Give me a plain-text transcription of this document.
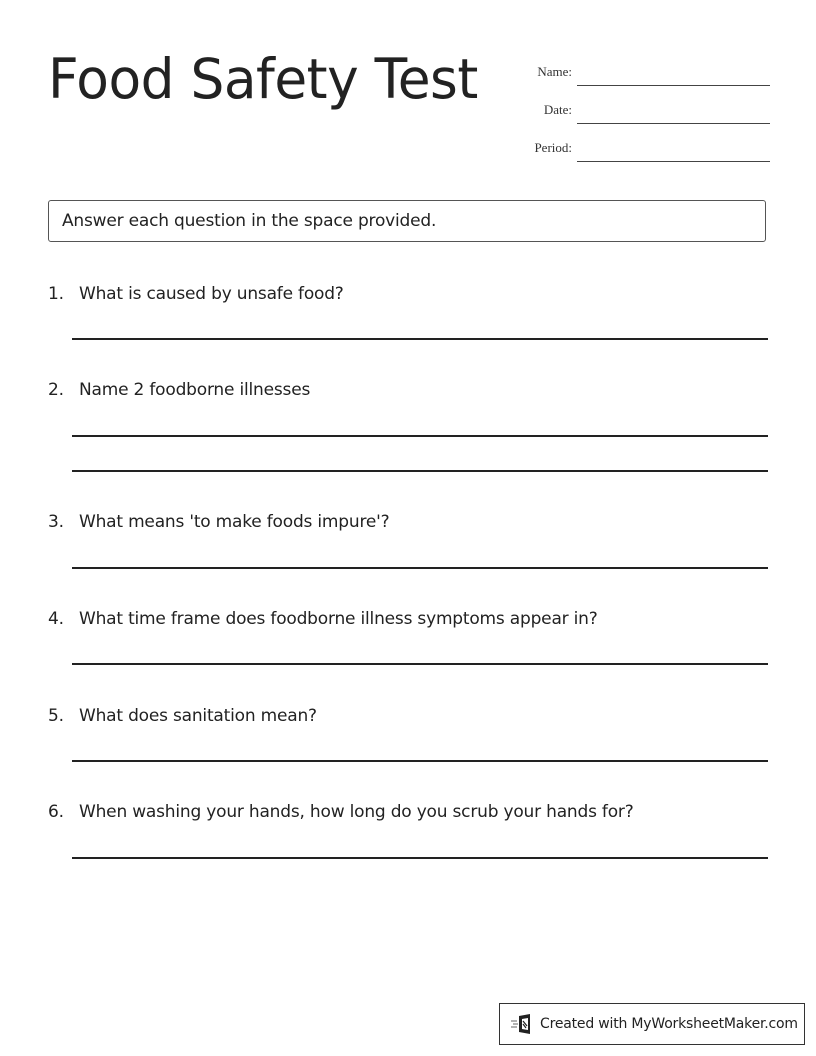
Food Safety Test	Name:
Date:
Period:
Answer each question in the space provided.
1. What is caused by unsafe food?
2. Name 2 foodborne illnesses
3. What means 'to make foods impure'?
4. What time frame does foodborne illness symptoms appear in?
5. What does sanitation mean?
6. When washing your hands, how long do you scrub your hands for?
Created with MyWorksheetMaker.com
